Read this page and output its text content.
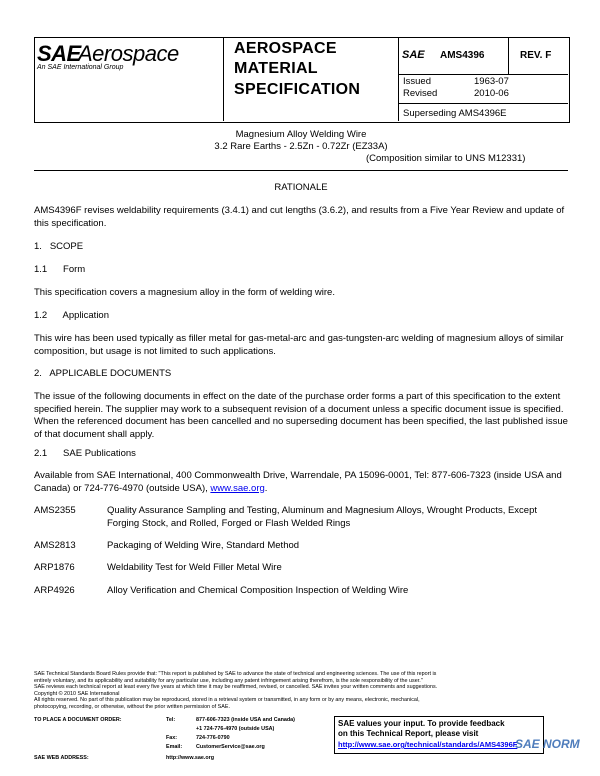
SAE
Aerospace
An SAE International Group
AEROSPACE
MATERIAL
SPECIFICATION
SAE AMS4396	REV. F
Issued	1963-07
Revised	2010-06
Superseding AMS4396E
Magnesium Alloy Welding Wire
3.2 Rare Earths - 2.5Zn - 0.72Zr (EZ33A)
(Composition similar to UNS M12331)
RATIONALE
AMS4396F revises weldability requirements (3.4.1) and cut lengths (3.6.2), and results from a Five Year Review and update of this specification.
1.   SCOPE
1.1      Form
This specification covers a magnesium alloy in the form of welding wire.
1.2      Application
This wire has been used typically as filler metal for gas-metal-arc and gas-tungsten-arc welding of magnesium alloys of similar composition, but usage is not limited to such applications.
2.   APPLICABLE DOCUMENTS
The issue of the following documents in effect on the date of the purchase order forms a part of this specification to the extent specified herein. The supplier may work to a subsequent revision of a document unless a specific document issue is specified. When the referenced document has been cancelled and no superseding document has been specified, the last published issue of that document shall apply.
2.1      SAE Publications
Available from SAE International, 400 Commonwealth Drive, Warrendale, PA 15096-0001, Tel: 877-606-7323 (inside USA and Canada) or 724-776-4970 (outside USA), www.sae.org.
AMS2355	Quality Assurance Sampling and Testing, Aluminum and Magnesium Alloys, Wrought Products, Except Forging Stock, and Rolled, Forged or Flash Welded Rings
AMS2813	Packaging of Welding Wire, Standard Method
ARP1876	Weldability Test for Weld Filler Metal Wire
ARP4926	Alloy Verification and Chemical Composition Inspection of Welding Wire
SAE Technical Standards Board Rules provide that: "This report is published by SAE to advance the state of technical and engineering sciences. The use of this report is
entirely voluntary, and its applicability and suitability for any particular use, including any patent infringement arising therefrom, is the sole responsibility of the user."
SAE reviews each technical report at least every five years at which time it may be reaffirmed, revised, or cancelled. SAE invites your written comments and suggestions.
Copyright © 2010 SAE International
All rights reserved. No part of this publication may be reproduced, stored in a retrieval system or transmitted, in any form or by any means, electronic, mechanical,
photocopying, recording, or otherwise, without the prior written permission of SAE.
TO PLACE A DOCUMENT ORDER:	Tel:	877-606-7323 (inside USA and Canada)
+1 724-776-4970 (outside USA)
Fax:	724-776-0790
Email:	CustomerService@sae.org
SAE WEB ADDRESS:	http://www.sae.org
SAE values your input. To provide feedback
on this Technical Report, please visit
http://www.sae.org/technical/standards/AMS4396F
SAE NORM
